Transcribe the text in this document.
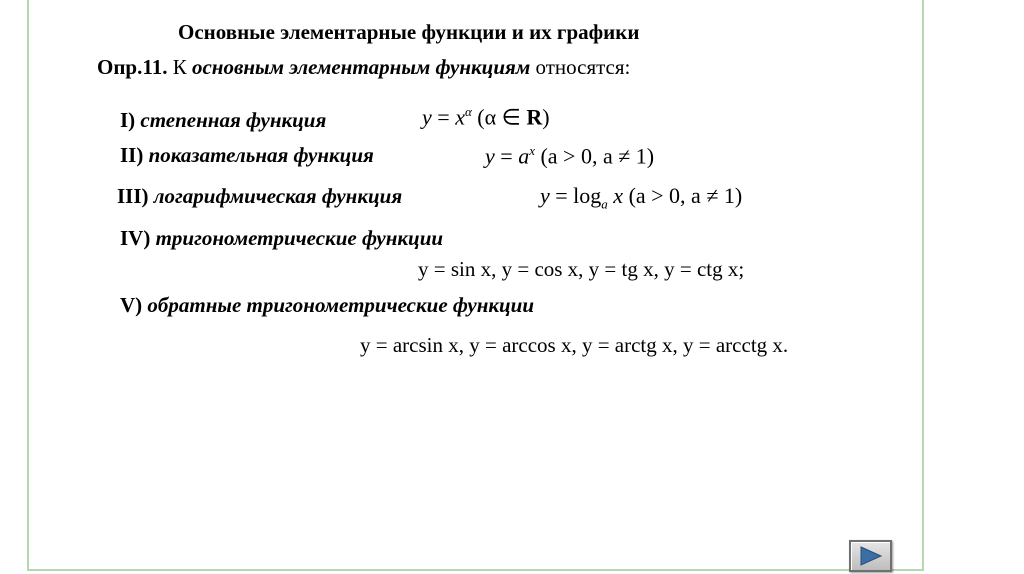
Основные элементарные функции и их графики
Опр.11. К основным элементарным функциям относятся:
I) степенная функция	$y = x^\alpha$ (α ∈ R)
II) показательная функция	$y = a^x$ (a > 0, a ≠ 1)
III) логарифмическая функция	$y = \log_a x$ (a > 0, a ≠ 1)
IV) тригонометрические функции
y = sin x, y = cos x, y = tg x, y = ctg x;
V) обратные тригонометрические функции
y = arcsin x, y = arccos x, y = arctg x, y = arcctg x.
